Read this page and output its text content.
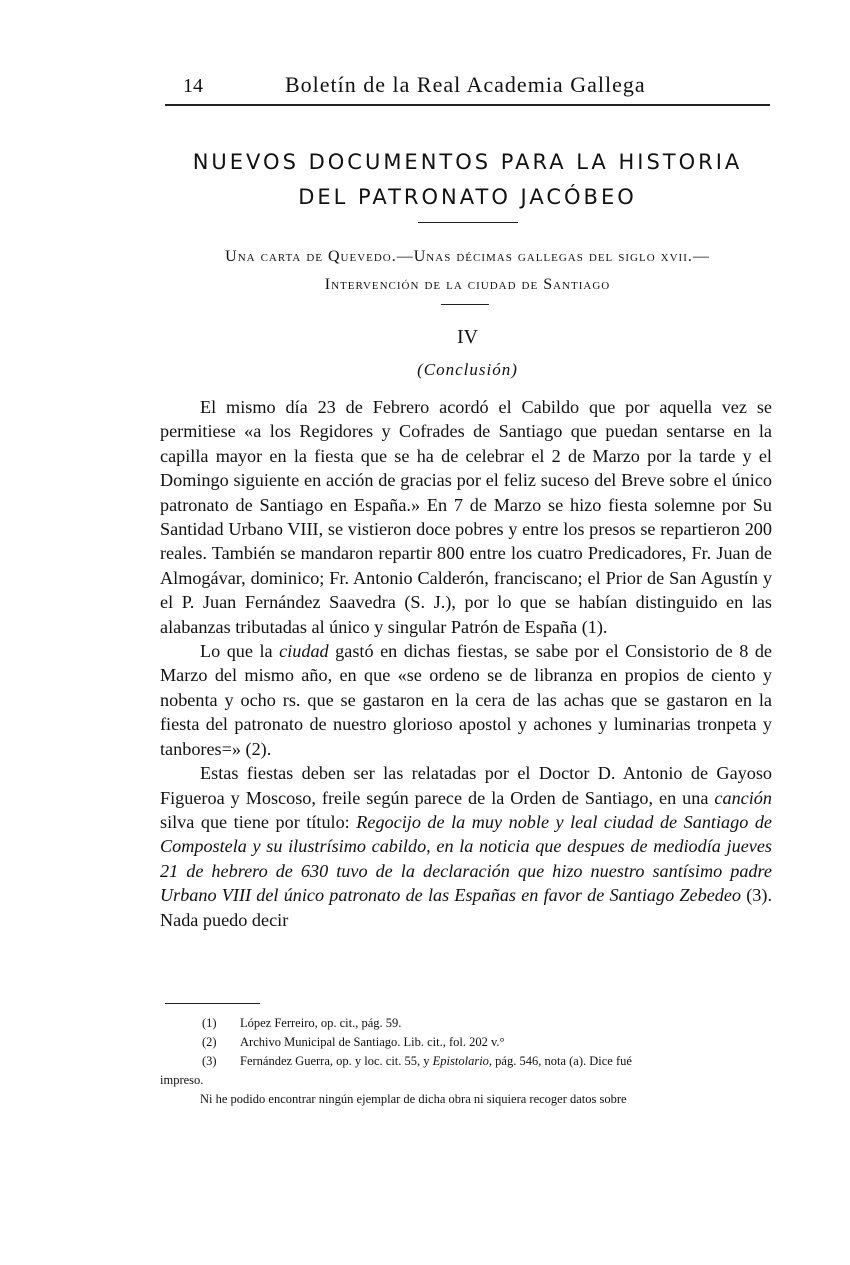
14	Boletín de la Real Academia Gallega
NUEVOS DOCUMENTOS PARA LA HISTORIA
DEL PATRONATO JACÓBEO
Una carta de Quevedo.—Unas décimas gallegas del siglo xvii.—
Intervención de la ciudad de Santiago
IV
(Conclusión)

El mismo día 23 de Febrero acordó el Cabildo que por aquella vez se permitiese «a los Regidores y Cofrades de Santiago que puedan sentarse en la capilla mayor en la fiesta que se ha de celebrar el 2 de Marzo por la tarde y el Domingo siguiente en acción de gracias por el feliz suceso del Breve sobre el único patronato de Santiago en España.» En 7 de Marzo se hizo fiesta solemne por Su Santidad Urbano VIII, se vistieron doce pobres y entre los presos se repartieron 200 reales. También se mandaron repartir 800 entre los cuatro Predicadores, Fr. Juan de Almogávar, dominico; Fr. Antonio Calderón, franciscano; el Prior de San Agustín y el P. Juan Fernández Saavedra (S. J.), por lo que se habían distinguido en las alabanzas tributadas al único y singular Patrón de España (1).

Lo que la ciudad gastó en dichas fiestas, se sabe por el Consistorio de 8 de Marzo del mismo año, en que «se ordeno se de libranza en propios de ciento y nobenta y ocho rs. que se gastaron en la cera de las achas que se gastaron en la fiesta del patronato de nuestro glorioso apostol y achones y luminarias tronpeta y tanbores=» (2).

Estas fiestas deben ser las relatadas por el Doctor D. Antonio de Gayoso Figueroa y Moscoso, freile según parece de la Orden de Santiago, en una canción silva que tiene por título: Regocijo de la muy noble y leal ciudad de Santiago de Compostela y su ilustrísimo cabildo, en la noticia que despues de mediodía jueves 21 de hebrero de 630 tuvo de la declaración que hizo nuestro santísimo padre Urbano VIII del único patronato de las Españas en favor de Santiago Zebedeo (3). Nada puedo decir

(1) López Ferreiro, op. cit., pág. 59.
(2) Archivo Municipal de Santiago. Lib. cit., fol. 202 v.°
(3) Fernández Guerra, op. y loc. cit. 55, y Epistolario, pág. 546, nota (a). Dice fué
impreso.
Ni he podido encontrar ningún ejemplar de dicha obra ni siquiera recoger datos sobre
